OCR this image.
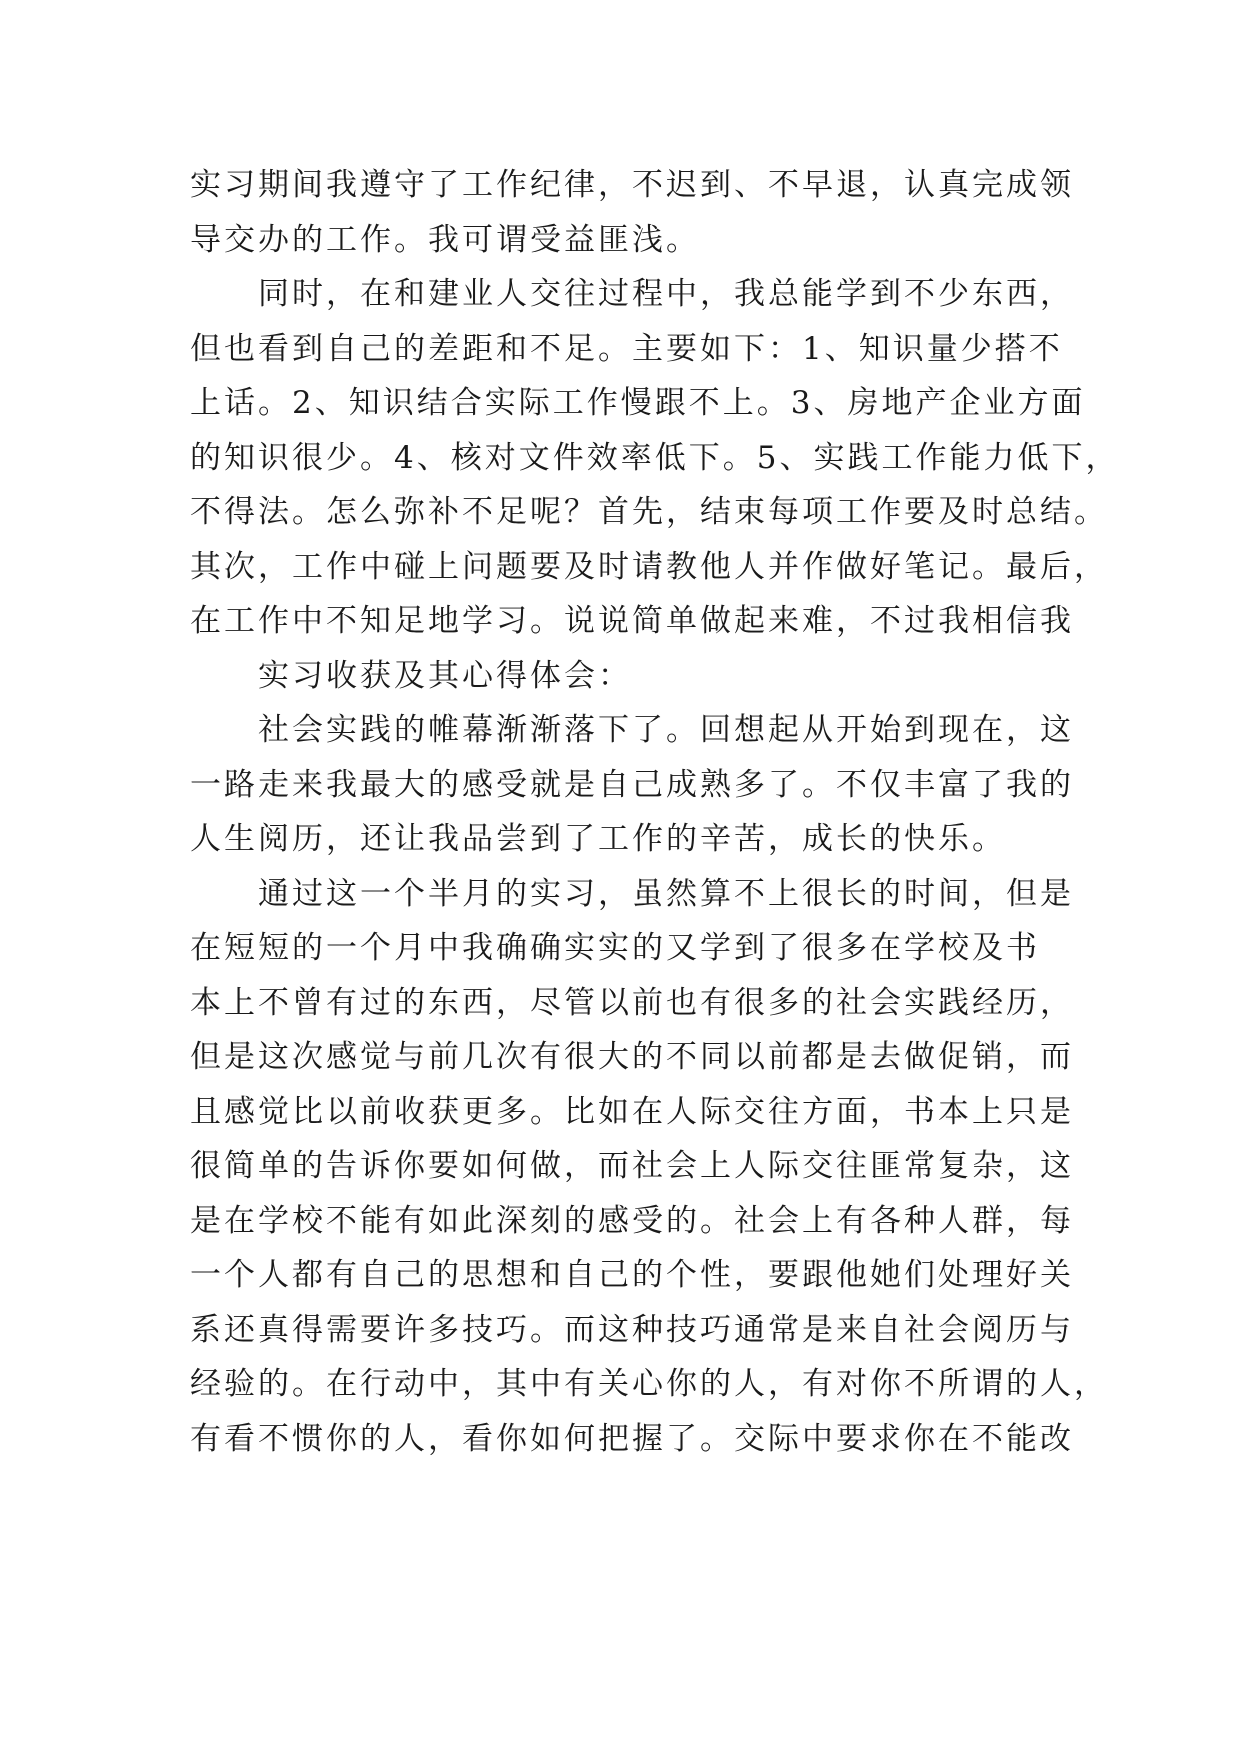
实习期间我遵守了工作纪律，不迟到、不早退，认真完成领
导交办的工作。我可谓受益匪浅。
同时，在和建业人交往过程中，我总能学到不少东西，
但也看到自己的差距和不足。主要如下：1、知识量少搭不
上话。2、知识结合实际工作慢跟不上。3、房地产企业方面
的知识很少。4、核对文件效率低下。5、实践工作能力低下，
不得法。怎么弥补不足呢？首先，结束每项工作要及时总结。
其次，工作中碰上问题要及时请教他人并作做好笔记。最后，
在工作中不知足地学习。说说简单做起来难，不过我相信我
实习收获及其心得体会：
社会实践的帷幕渐渐落下了。回想起从开始到现在，这
一路走来我最大的感受就是自己成熟多了。不仅丰富了我的
人生阅历，还让我品尝到了工作的辛苦，成长的快乐。
通过这一个半月的实习，虽然算不上很长的时间，但是
在短短的一个月中我确确实实的又学到了很多在学校及书
本上不曾有过的东西，尽管以前也有很多的社会实践经历，
但是这次感觉与前几次有很大的不同以前都是去做促销，而
且感觉比以前收获更多。比如在人际交往方面，书本上只是
很简单的告诉你要如何做，而社会上人际交往匪常复杂，这
是在学校不能有如此深刻的感受的。社会上有各种人群，每
一个人都有自己的思想和自己的个性，要跟他她们处理好关
系还真得需要许多技巧。而这种技巧通常是来自社会阅历与
经验的。在行动中，其中有关心你的人，有对你不所谓的人，
有看不惯你的人，看你如何把握了。交际中要求你在不能改
